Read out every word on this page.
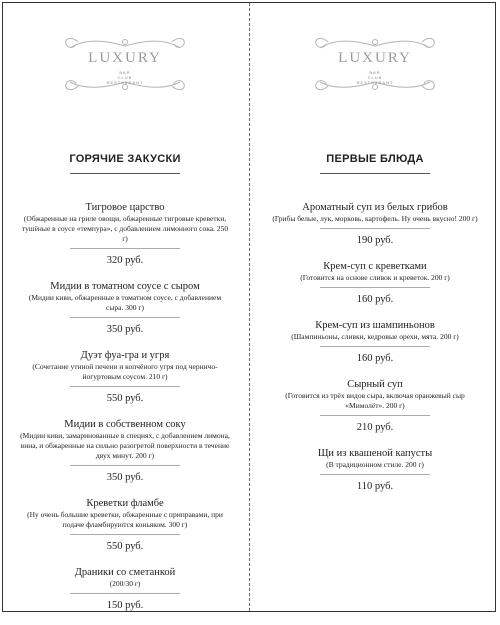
LUXURY
BAR
CLUB
RESTAURANT
ГОРЯЧИЕ ЗАКУСКИ
Тигровое царство
(Обжаренные на гриле овощи, обжаренные тигровые креветки, тушёные в соусе «темпура», с добавлением лимонного сока. 250 г)
320 руб.
Мидии в томатном соусе с сыром
(Мидии киви, обжаренные в томатном соусе, с добавлением сыра. 300 г)
350 руб.
Дуэт фуа-гра и угря
(Сочетание утиной печени и копчёного угря под черничо-йогуртовым соусом. 210 г)
550 руб.
Мидии в собственном соку
(Мидии киви, замаринованные в специях, с добавлением лимона, вина, и обжаренные на сильно разогретой поверхности в течение двух минут. 200 г)
350 руб.
Креветки фламбе
(Ну очень большие креветки, обжаренные с приправами, при подаче фламбируются коньяком. 300 г)
550 руб.
Драники со сметанкой
(200/30 г)
150 руб.
LUXURY
BAR
CLUB
RESTAURANT
ПЕРВЫЕ БЛЮДА
Ароматный суп из белых грибов
(Грибы белые, лук, морковь, картофель. Ну очень вкусно! 200 г)
190 руб.
Крем-суп с креветками
(Готовится на основе сливок и креветок. 200 г)
160 руб.
Крем-суп из шампиньонов
(Шампиньоны, сливки, кедровые орехи, мята. 200 г)
160 руб.
Сырный суп
(Готовится из трёх видов сыра, включая оранжевый сыр «Мимолёт». 200 г)
210 руб.
Щи из квашеной капусты
(В традиционном стиле. 200 г)
110 руб.
